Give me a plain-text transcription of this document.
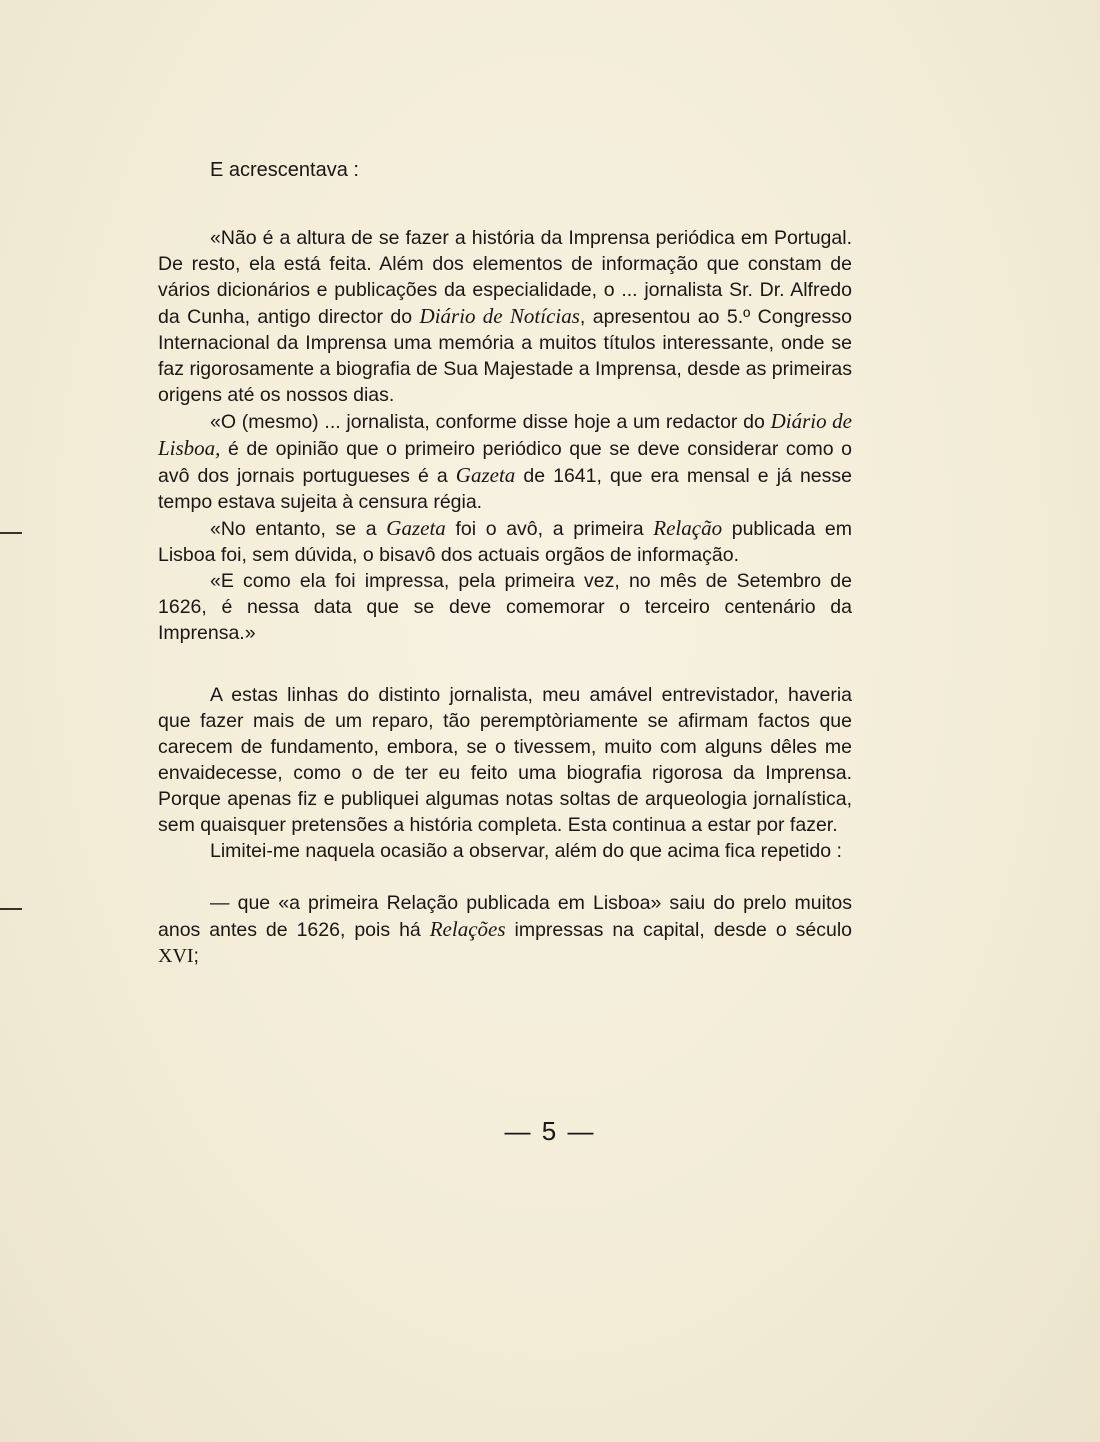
E acrescentava :

«Não é a altura de se fazer a história da Imprensa periódica em Portugal. De resto, ela está feita. Além dos elementos de informação que constam de vários dicionários e publicações da especialidade, o ... jornalista Sr. Dr. Alfredo da Cunha, antigo director do Diário de Notícias, apresentou ao 5.º Congresso Internacional da Imprensa uma memória a muitos títulos interessante, onde se faz rigorosamente a biografia de Sua Majestade a Imprensa, desde as primeiras origens até os nossos dias.

«O (mesmo) ... jornalista, conforme disse hoje a um redactor do Diário de Lisboa, é de opinião que o primeiro periódico que se deve considerar como o avô dos jornais portugueses é a Gazeta de 1641, que era mensal e já nesse tempo estava sujeita à censura régia.

«No entanto, se a Gazeta foi o avô, a primeira Relação publicada em Lisboa foi, sem dúvida, o bisavô dos actuais orgãos de informação.

«E como ela foi impressa, pela primeira vez, no mês de Setembro de 1626, é nessa data que se deve comemorar o terceiro centenário da Imprensa.»

A estas linhas do distinto jornalista, meu amável entrevistador, haveria que fazer mais de um reparo, tão peremptòriamente se afirmam factos que carecem de fundamento, embora, se o tivessem, muito com alguns dêles me envaidecesse, como o de ter eu feito uma biografia rigorosa da Imprensa. Porque apenas fiz e publiquei algumas notas soltas de arqueologia jornalística, sem quaisquer pretensões a história completa. Esta continua a estar por fazer.

Limitei-me naquela ocasião a observar, além do que acima fica repetido :

— que «a primeira Relação publicada em Lisboa» saiu do prelo muitos anos antes de 1626, pois há Relações impressas na capital, desde o século XVI;

— 5 —
